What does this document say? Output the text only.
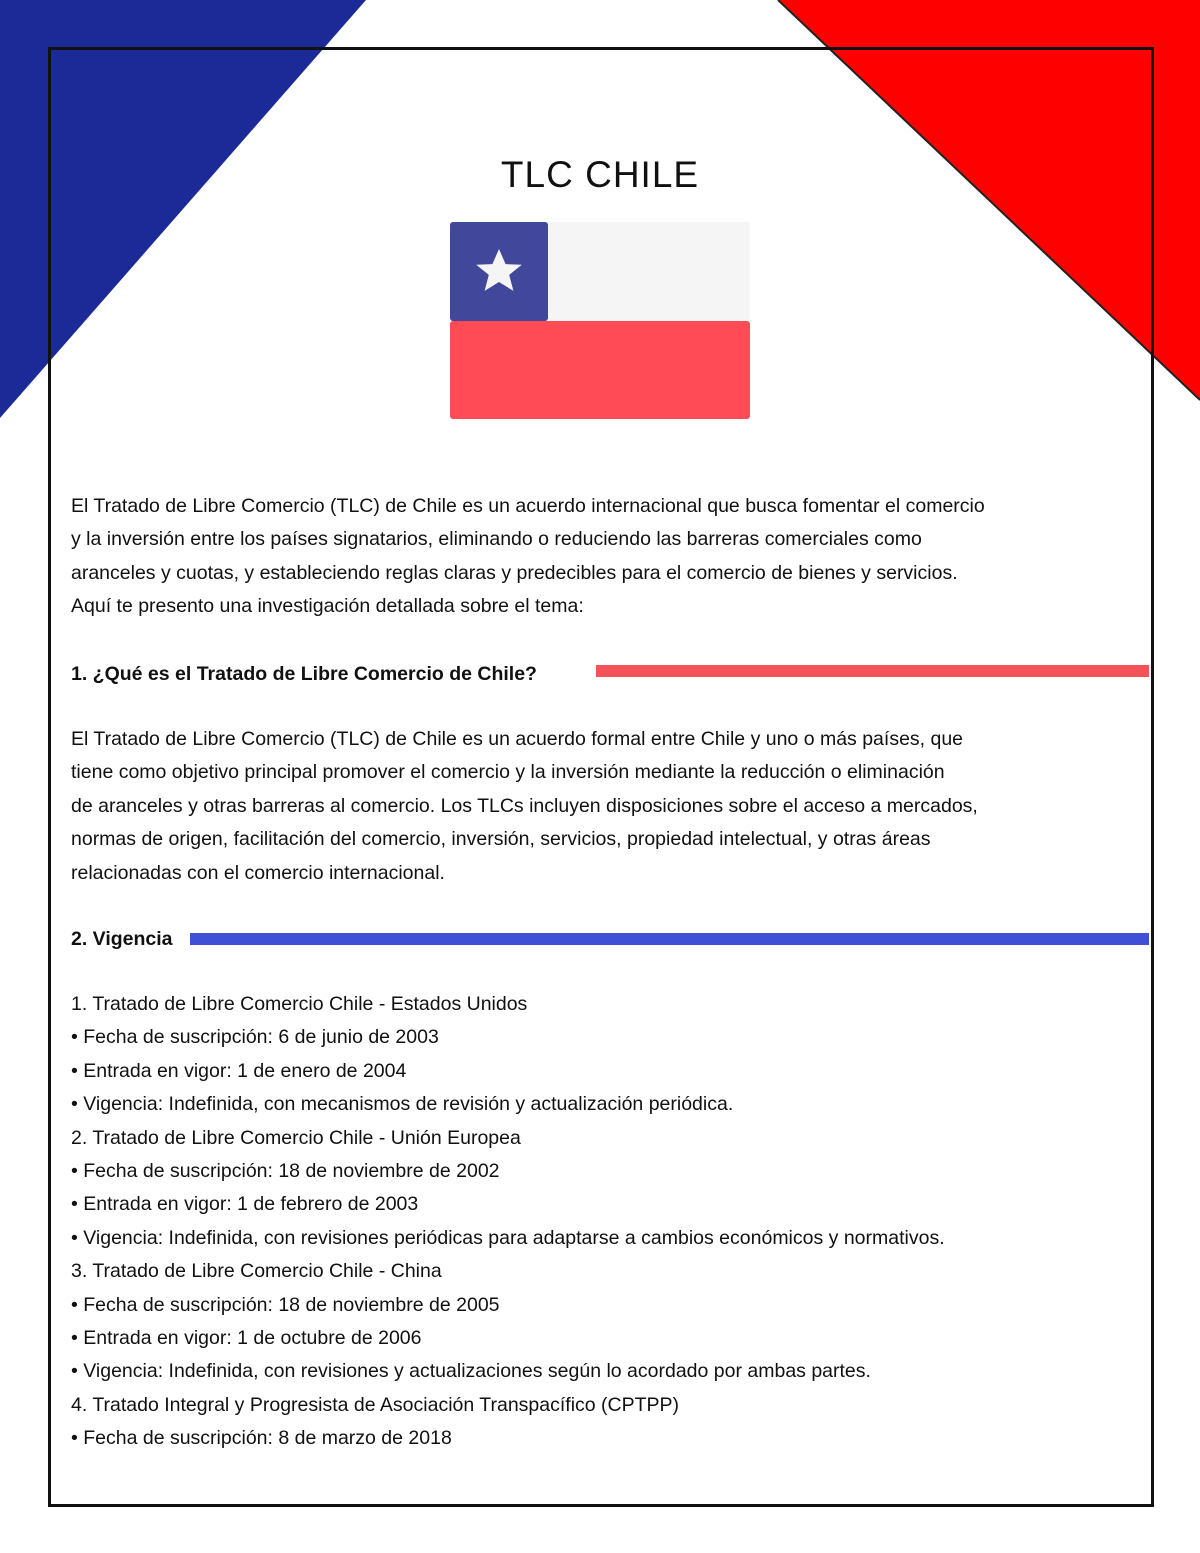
TLC CHILE

El Tratado de Libre Comercio (TLC) de Chile es un acuerdo internacional que busca fomentar el comercio
y la inversión entre los países signatarios, eliminando o reduciendo las barreras comerciales como
aranceles y cuotas, y estableciendo reglas claras y predecibles para el comercio de bienes y servicios.
Aquí te presento una investigación detallada sobre el tema:

1. ¿Qué es el Tratado de Libre Comercio de Chile?

El Tratado de Libre Comercio (TLC) de Chile es un acuerdo formal entre Chile y uno o más países, que
tiene como objetivo principal promover el comercio y la inversión mediante la reducción o eliminación
de aranceles y otras barreras al comercio. Los TLCs incluyen disposiciones sobre el acceso a mercados,
normas de origen, facilitación del comercio, inversión, servicios, propiedad intelectual, y otras áreas
relacionadas con el comercio internacional.

2. Vigencia
1. Tratado de Libre Comercio Chile - Estados Unidos
• Fecha de suscripción: 6 de junio de 2003
• Entrada en vigor: 1 de enero de 2004
• Vigencia: Indefinida, con mecanismos de revisión y actualización periódica.
2. Tratado de Libre Comercio Chile - Unión Europea
• Fecha de suscripción: 18 de noviembre de 2002
• Entrada en vigor: 1 de febrero de 2003
• Vigencia: Indefinida, con revisiones periódicas para adaptarse a cambios económicos y normativos.
3. Tratado de Libre Comercio Chile - China
• Fecha de suscripción: 18 de noviembre de 2005
• Entrada en vigor: 1 de octubre de 2006
• Vigencia: Indefinida, con revisiones y actualizaciones según lo acordado por ambas partes.
4. Tratado Integral y Progresista de Asociación Transpacífico (CPTPP)
• Fecha de suscripción: 8 de marzo de 2018
